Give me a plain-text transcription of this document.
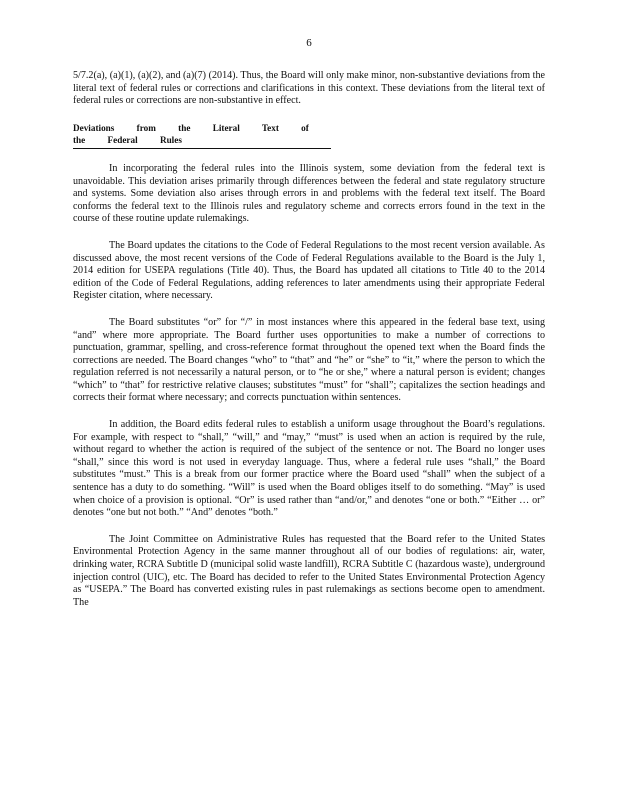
6

5/7.2(a), (a)(1), (a)(2), and (a)(7) (2014). Thus, the Board will only make minor, non-substantive deviations from the literal text of federal rules or corrections and clarifications in this context. These deviations from the literal text of federal rules or corrections are non-substantive in effect.

Deviations from the Literal Text of the Federal Rules

In incorporating the federal rules into the Illinois system, some deviation from the federal text is unavoidable. This deviation arises primarily through differences between the federal and state regulatory structure and systems. Some deviation also arises through errors in and problems with the federal text itself. The Board conforms the federal text to the Illinois rules and regulatory scheme and corrects errors found in the text in the course of these routine update rulemakings.

The Board updates the citations to the Code of Federal Regulations to the most recent version available. As discussed above, the most recent versions of the Code of Federal Regulations available to the Board is the July 1, 2014 edition for USEPA regulations (Title 40). Thus, the Board has updated all citations to Title 40 to the 2014 edition of the Code of Federal Regulations, adding references to later amendments using their appropriate Federal Register citation, where necessary.

The Board substitutes “or” for “/” in most instances where this appeared in the federal base text, using “and” where more appropriate. The Board further uses opportunities to make a number of corrections to punctuation, grammar, spelling, and cross-reference format throughout the opened text when the Board finds the corrections are needed. The Board changes “who” to “that” and “he” or “she” to “it,” where the person to which the regulation referred is not necessarily a natural person, or to “he or she,” where a natural person is evident; changes “which” to “that” for restrictive relative clauses; substitutes “must” for “shall”; capitalizes the section headings and corrects their format where necessary; and corrects punctuation within sentences.

In addition, the Board edits federal rules to establish a uniform usage throughout the Board’s regulations. For example, with respect to “shall,” “will,” and “may,” “must” is used when an action is required by the rule, without regard to whether the action is required of the subject of the sentence or not. The Board no longer uses “shall,” since this word is not used in everyday language. Thus, where a federal rule uses “shall,” the Board substitutes “must.” This is a break from our former practice where the Board used “shall” when the subject of a sentence has a duty to do something. “Will” is used when the Board obliges itself to do something. “May” is used when choice of a provision is optional. “Or” is used rather than “and/or,” and denotes “one or both.” “Either … or” denotes “one but not both.” “And” denotes “both.”

The Joint Committee on Administrative Rules has requested that the Board refer to the United States Environmental Protection Agency in the same manner throughout all of our bodies of regulations: air, water, drinking water, RCRA Subtitle D (municipal solid waste landfill), RCRA Subtitle C (hazardous waste), underground injection control (UIC), etc. The Board has decided to refer to the United States Environmental Protection Agency as “USEPA.” The Board has converted existing rules in past rulemakings as sections become open to amendment. The
